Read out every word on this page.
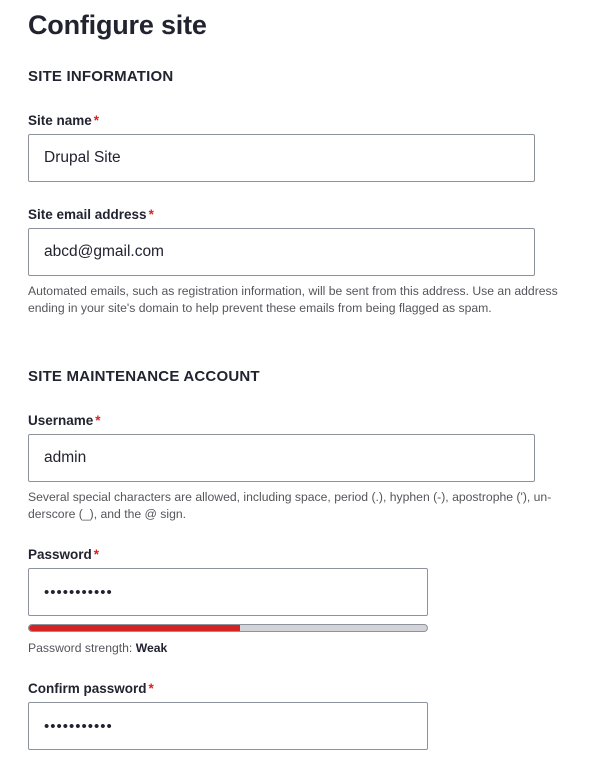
Configure site
SITE INFORMATION
Site name *
Drupal Site
Site email address *
abcd@gmail.com

Automated emails, such as registration information, will be sent from this address. Use an address
ending in your site's domain to help prevent these emails from being flagged as spam.

SITE MAINTENANCE ACCOUNT
Username *
admin

Several special characters are allowed, including space, period (.), hyphen (-), apostrophe ('), un-
derscore (_), and the @ sign.

Password *
•••••••••••
Password strength: Weak
Confirm password *
•••••••••••
